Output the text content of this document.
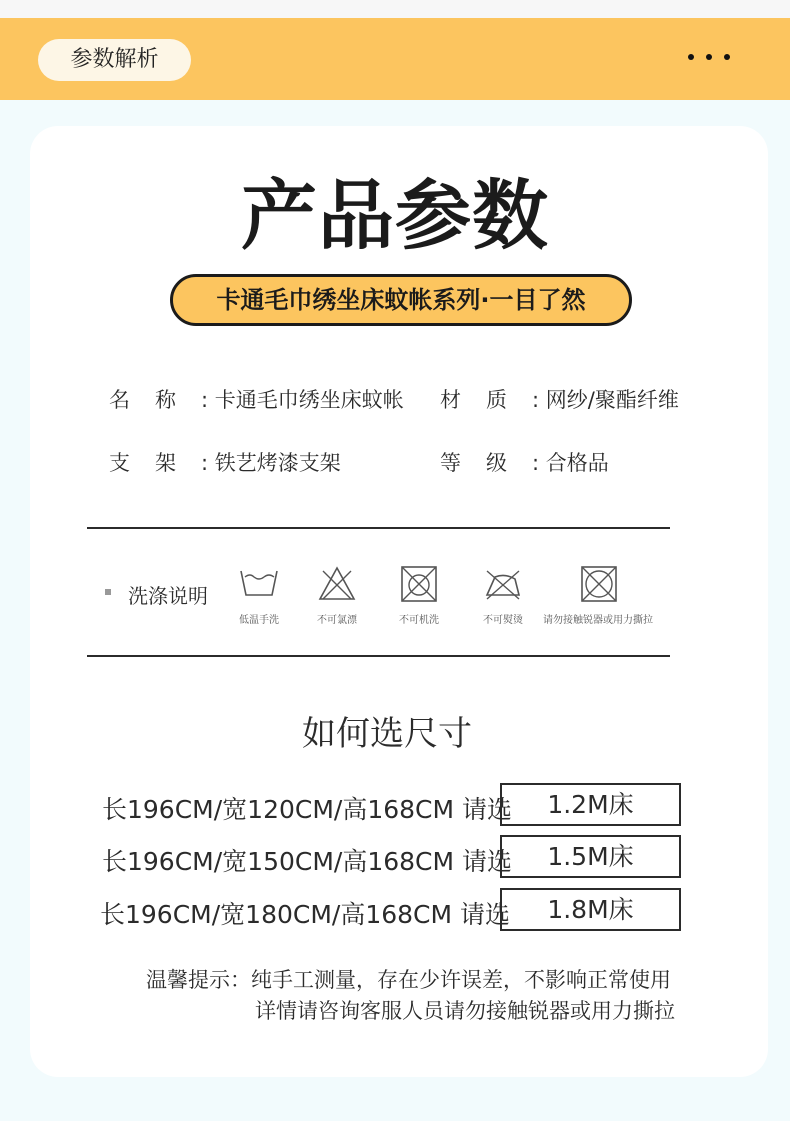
参数解析
产品参数
卡通毛巾绣坐床蚊帐系列·一目了然
名称: 卡通毛巾绣坐床蚊帐 材质: 网纱/聚酯纤维
支架: 铁艺烤漆支架	等级: 合格品
洗涤说明
低温手洗	不可氯漂	不可机洗	不可熨烫 请勿接触锐器或用力撕拉
如何选尺寸
长196CM/宽120CM/高168CM 请选	1.2M床
长196CM/宽150CM/高168CM 请选	1.5M床
长196CM/宽180CM/高168CM 请选	1.8M床
温馨提示：纯手工测量，存在少许误差，不影响正常使用
详情请咨询客服人员请勿接触锐器或用力撕拉
